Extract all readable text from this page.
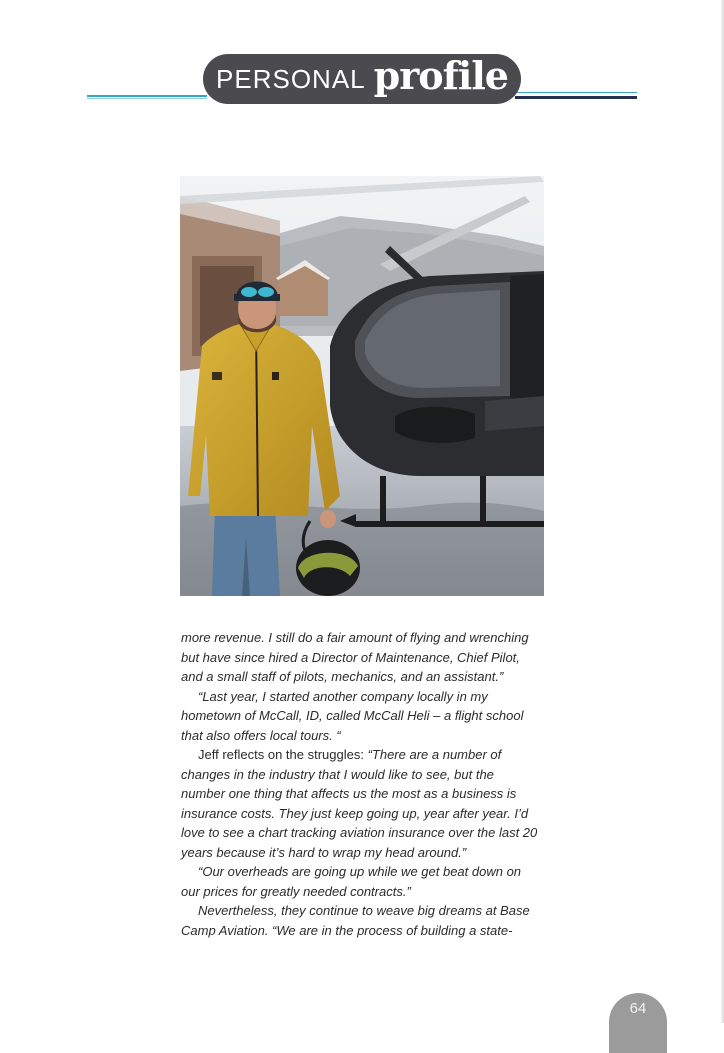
PERSONAL profile
more revenue. I still do a fair amount of flying and wrenching
but have since hired a Director of Maintenance, Chief Pilot,
and a small staff of pilots, mechanics, and an assistant.”
“Last year, I started another company locally in my
hometown of McCall, ID, called McCall Heli – a flight school
that also offers local tours. “
Jeff reflects on the struggles: “There are a number of
changes in the industry that I would like to see, but the
number one thing that affects us the most as a business is
insurance costs. They just keep going up, year after year. I’d
love to see a chart tracking aviation insurance over the last 20
years because it’s hard to wrap my head around.”
“Our overheads are going up while we get beat down on
our prices for greatly needed contracts.”
Nevertheless, they continue to weave big dreams at Base
Camp Aviation. “We are in the process of building a state-
64
